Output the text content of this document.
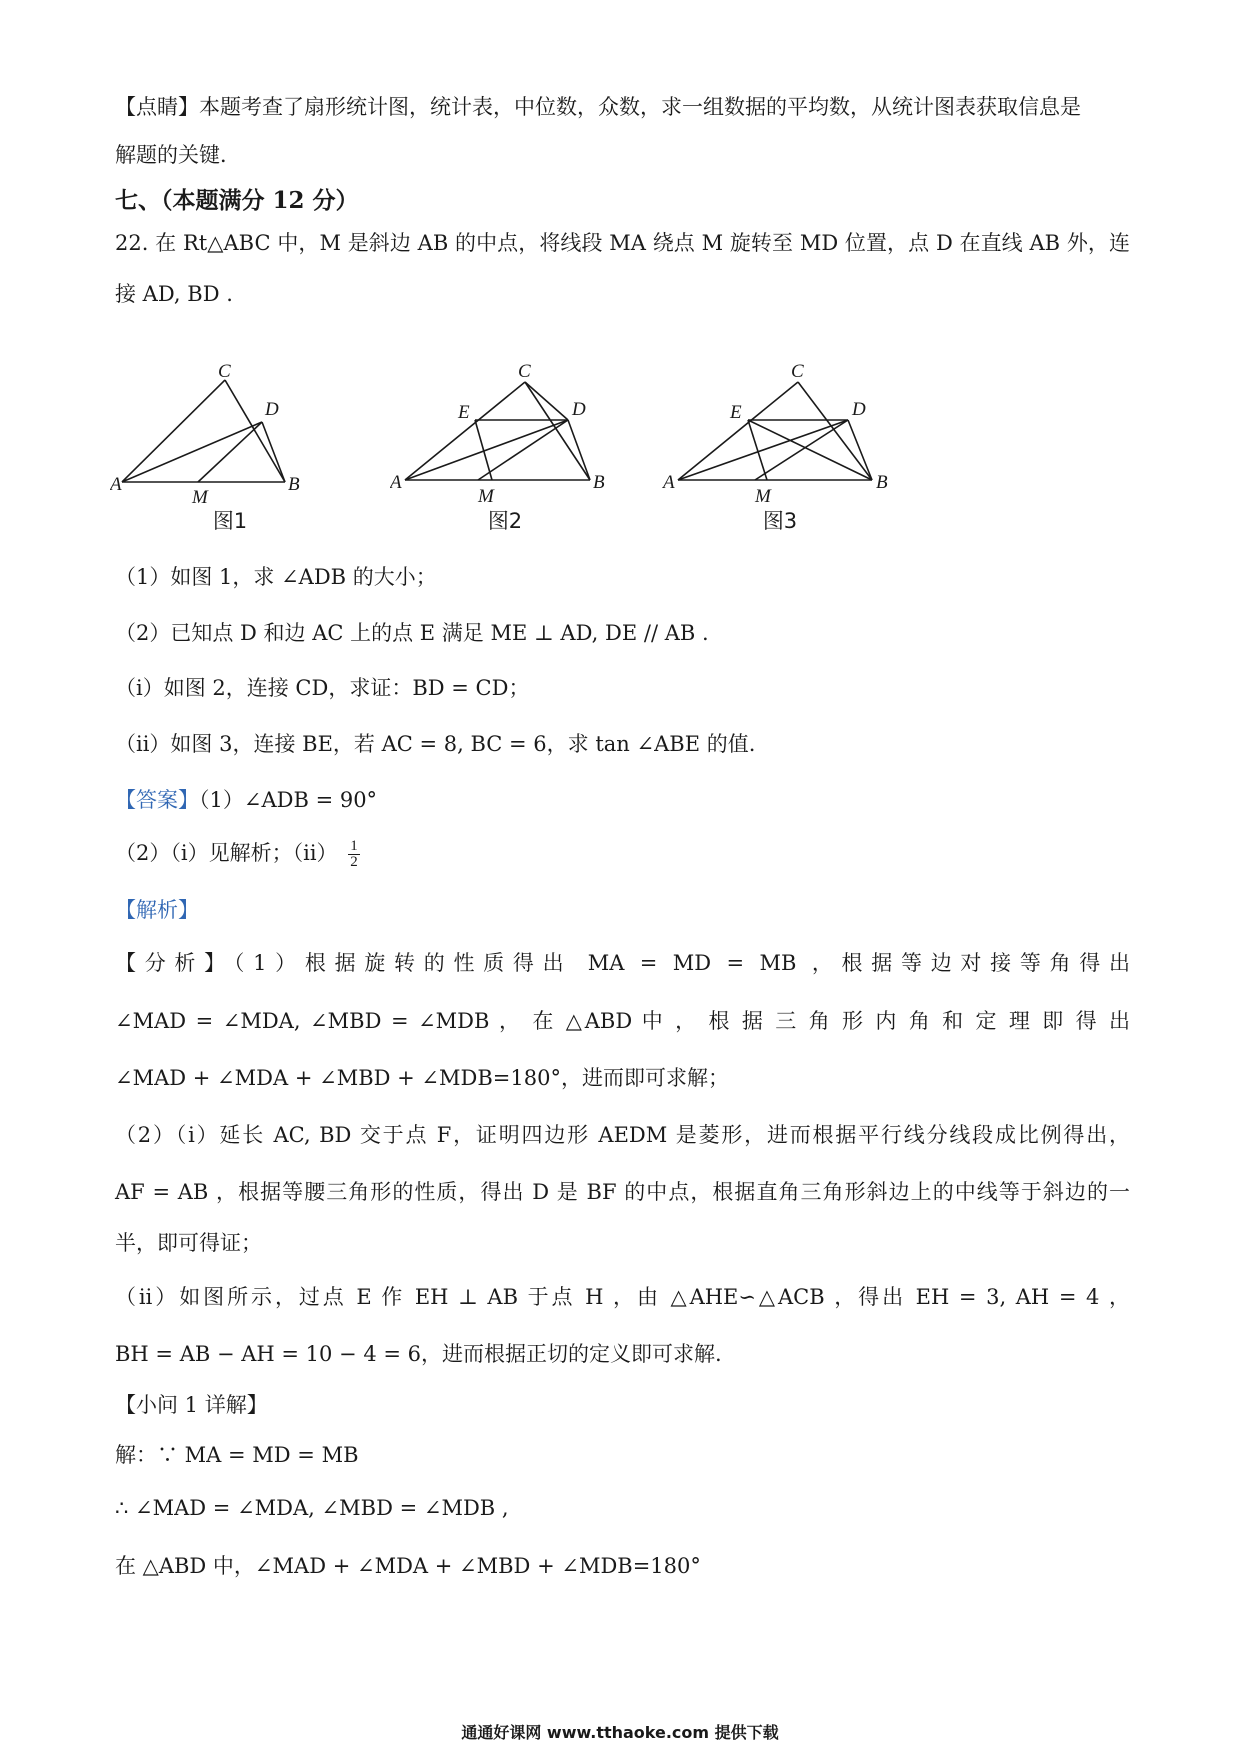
【点睛】本题考查了扇形统计图，统计表，中位数，众数，求一组数据的平均数，从统计图表获取信息是
解题的关键．
七、（本题满分 12 分）
22. 在 Rt△ABC 中，M 是斜边 AB 的中点，将线段 MA 绕点 M 旋转至 MD 位置，点 D 在直线 AB 外，连
接 AD, BD .
C
D
A
M
B
图1
C
E	D
A
M
B
图2
C
E	D
A
M
B
图3
（1）如图 1，求 ∠ADB 的大小；
（2）已知点 D 和边 AC 上的点 E 满足 ME ⊥ AD, DE // AB .
（ⅰ）如图 2，连接 CD，求证：BD = CD；
（ⅱ）如图 3，连接 BE，若 AC = 8, BC = 6，求 tan ∠ABE 的值.
【答案】（1）∠ADB = 90°
（2）（ⅰ）见解析；（ⅱ） $\frac{1}{2}$
【解析】
【分析】（1）根据旋转的性质得出 MA = MD = MB ，根据等边对接等角得出
∠MAD = ∠MDA, ∠MBD = ∠MDB ， 在 △ABD 中 ， 根 据 三 角 形 内 角 和 定 理 即 得 出
∠MAD + ∠MDA + ∠MBD + ∠MDB=180°，进而即可求解；
（2）（ⅰ）延长 AC, BD 交于点 F，证明四边形 AEDM 是菱形，进而根据平行线分线段成比例得出，
AF = AB ，根据等腰三角形的性质，得出 D 是 BF 的中点，根据直角三角形斜边上的中线等于斜边的一
半，即可得证；
（ⅱ）如图所示，过点 E 作 EH ⊥ AB 于点 H ，由 △AHE∽△ACB ，得出 EH = 3, AH = 4 ，
BH = AB − AH = 10 − 4 = 6，进而根据正切的定义即可求解.
【小问 1 详解】
解：∵ MA = MD = MB
∴ ∠MAD = ∠MDA, ∠MBD = ∠MDB ,
在 △ABD 中，∠MAD + ∠MDA + ∠MBD + ∠MDB=180°
通通好课网 www.tthaoke.com 提供下载
